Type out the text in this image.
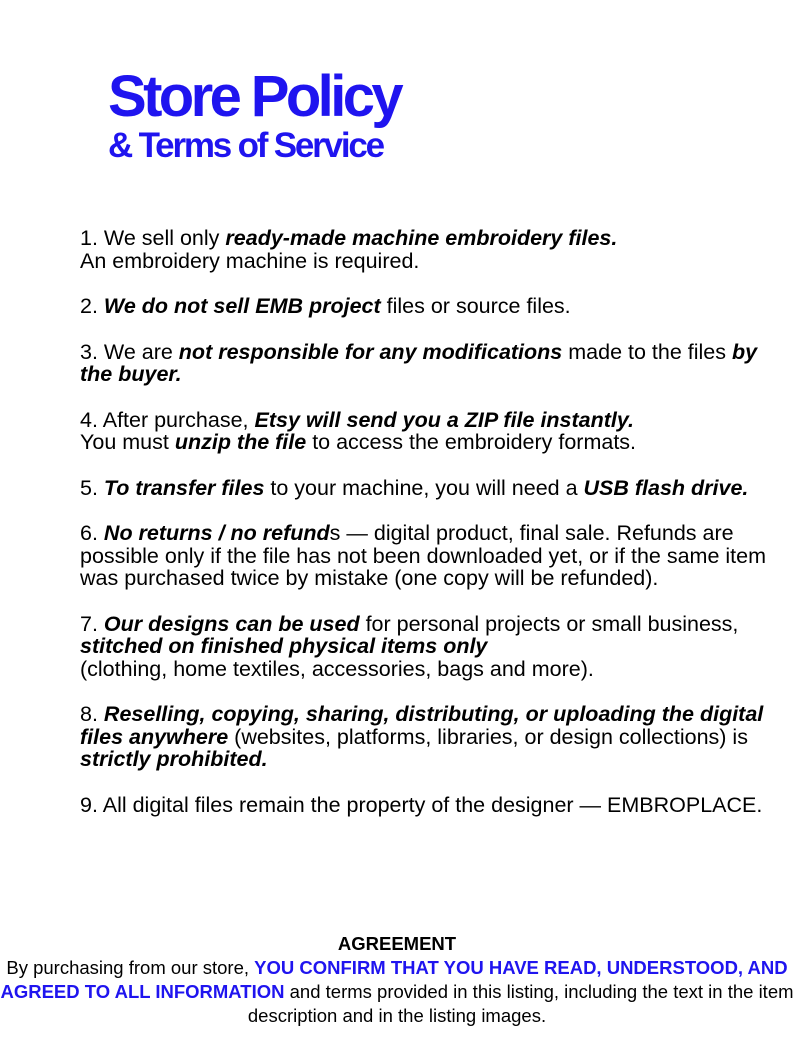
Store Policy
& Terms of Service

1. We sell only ready-made machine embroidery files.
An embroidery machine is required.

2. We do not sell EMB project files or source files.

3. We are not responsible for any modifications made to the files by the buyer.

4. After purchase, Etsy will send you a ZIP file instantly.
You must unzip the file to access the embroidery formats.

5. To transfer files to your machine, you will need a USB flash drive.

6. No returns / no refunds — digital product, final sale. Refunds are possible only if the file has not been downloaded yet, or if the same item was purchased twice by mistake (one copy will be refunded).

7. Our designs can be used for personal projects or small business, stitched on finished physical items only
(clothing, home textiles, accessories, bags and more).

8. Reselling, copying, sharing, distributing, or uploading the digital files anywhere (websites, platforms, libraries, or design collections) is strictly prohibited.

9. All digital files remain the property of the designer — EMBROPLACE.

AGREEMENT
By purchasing from our store, YOU CONFIRM THAT YOU HAVE READ, UNDERSTOOD, AND AGREED TO ALL INFORMATION and terms provided in this listing, including the text in the item description and in the listing images.
